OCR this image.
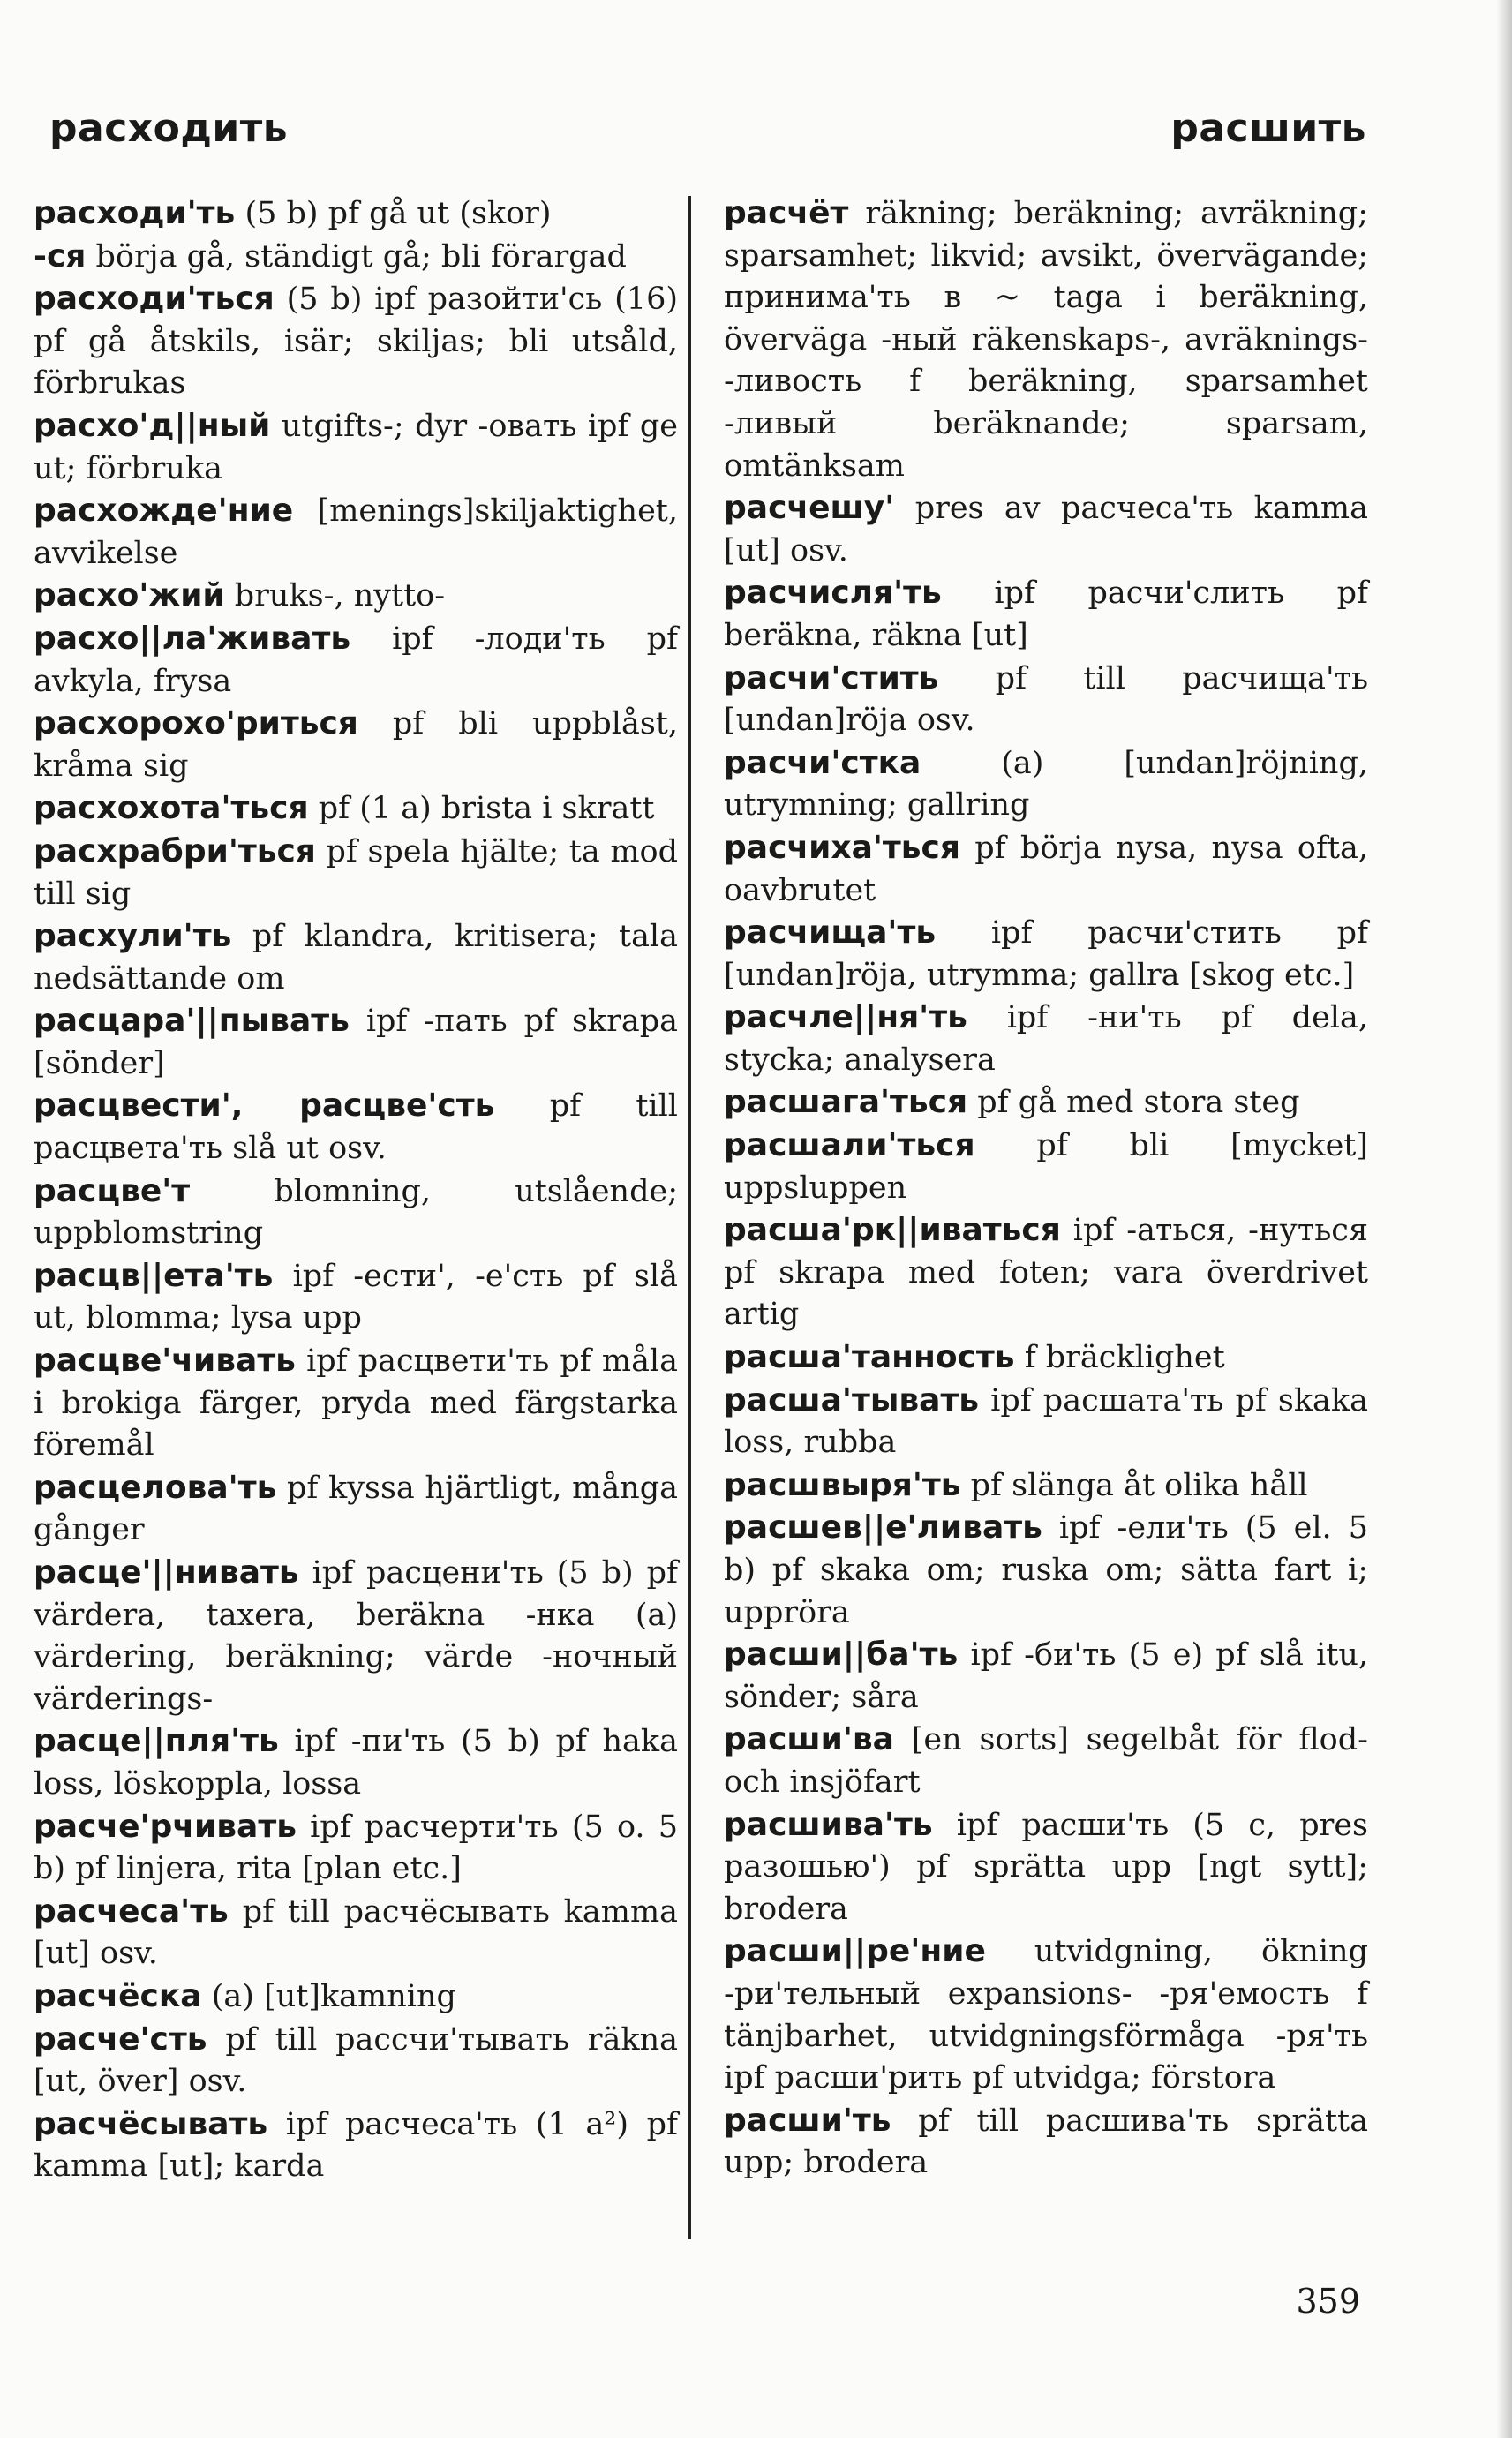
расходить	расшить

расходи'ть (5 b) pf gå ut (skor)

-ся börja gå, ständigt gå; bli förargad

расходи'ться (5 b) ipf разойти'сь (16) pf gå åtskils, isär; skiljas; bli utsåld, förbrukas

расхо'д||ный utgifts-; dyr -овать ipf ge ut; förbruka

расхожде'ние [menings]skiljaktighet, avvikelse

расхо'жий bruks-, nytto-

расхо||ла'живать ipf -лоди'ть pf avkyla, frysa

расхорохо'риться pf bli uppblåst, kråma sig

расхохота'ться pf (1 a) brista i skratt

расхрабри'ться pf spela hjälte; ta mod till sig

расхули'ть pf klandra, kritisera; tala nedsättande om

расцара'||пывать ipf -пать pf skrapa [sönder]

расцвести', расцве'сть pf till расцвета'ть slå ut osv.

расцве'т blomning, utslående; uppblomstring

расцв||ета'ть ipf -ести', -е'сть pf slå ut, blomma; lysa upp

расцве'чивать ipf расцвети'ть pf måla i brokiga färger, pryda med färgstarka föremål

расцелова'ть pf kyssa hjärtligt, många gånger

расце'||нивать ipf расцени'ть (5 b) pf värdera, taxera, beräkna -нка (a) värdering, beräkning; värde -ночный värderings-

расце||пля'ть ipf -пи'ть (5 b) pf haka loss, löskoppla, lossa

расче'рчивать ipf расчерти'ть (5 o. 5 b) pf linjera, rita [plan etc.]

расчеса'ть pf till расчёсывать kamma [ut] osv.

расчёска (a) [ut]kamning

расче'сть pf till рассчи'тывать räkna [ut, över] osv.

расчёсывать ipf расчеса'ть (1 a²) pf kamma [ut]; karda

расчёт räkning; beräkning; avräkning; sparsamhet; likvid; avsikt, övervägande; принима'ть в ~ taga i beräkning, överväga -ный räkenskaps-, avräknings- -ливость f beräkning, sparsamhet -ливый beräknande; sparsam, omtänksam

расчешу' pres av расчеса'ть kamma [ut] osv.

расчисля'ть ipf расчи'слить pf beräkna, räkna [ut]

расчи'стить pf till расчища'ть [undan]röja osv.

расчи'стка (a) [undan]röjning, utrymning; gallring

расчиха'ться pf börja nysa, nysa ofta, oavbrutet

расчища'ть ipf расчи'стить pf [undan]röja, utrymma; gallra [skog etc.]

расчле||ня'ть ipf -ни'ть pf dela, stycka; analysera

расшага'ться pf gå med stora steg

расшали'ться pf bli [mycket] uppsluppen

расша'рк||иваться ipf -аться, -нуться pf skrapa med foten; vara överdrivet artig

расша'танность f bräcklighet

расша'тывать ipf расшата'ть pf skaka loss, rubba

расшвыря'ть pf slänga åt olika håll

расшев||е'ливать ipf -ели'ть (5 el. 5 b) pf skaka om; ruska om; sätta fart i; uppröra

расши||ба'ть ipf -би'ть (5 e) pf slå itu, sönder; såra

расши'ва [en sorts] segelbåt för flod- och insjöfart

расшива'ть ipf расши'ть (5 c, pres разошью') pf sprätta upp [ngt sytt]; brodera

расши||ре'ние utvidgning, ökning -ри'тельный expansions- -ря'емость f tänjbarhet, utvidgningsförmåga -ря'ть ipf расши'рить pf utvidga; förstora

расши'ть pf till расшива'ть sprätta upp; brodera

359
